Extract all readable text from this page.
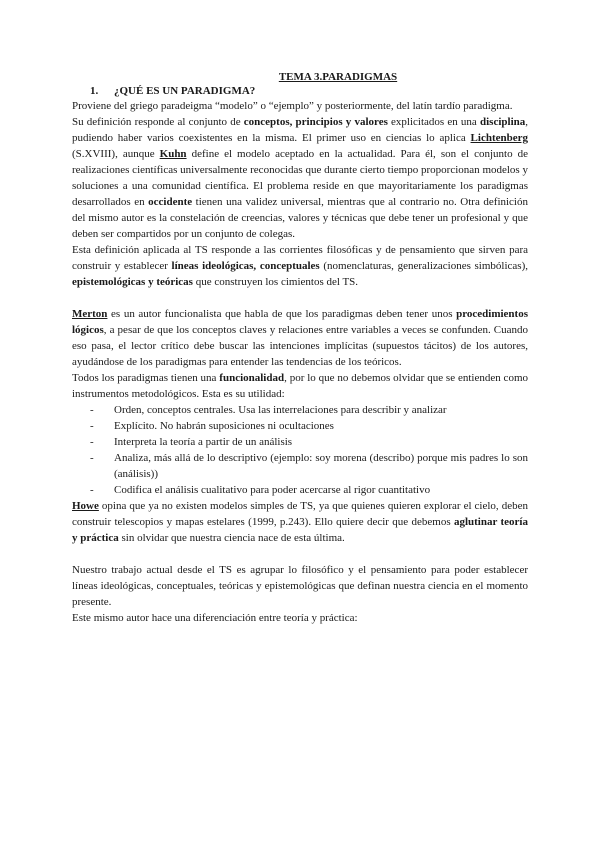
TEMA 3.PARADIGMAS

1. ¿QUÉ ES UN PARADIGMA?

Proviene del griego paradeigma “modelo” o “ejemplo” y posteriormente, del latín tardío paradigma.

Su definición responde al conjunto de conceptos, principios y valores explicitados en una disciplina, pudiendo haber varios coexistentes en la misma. El primer uso en ciencias lo aplica Lichtenberg (S.XVIII), aunque Kuhn define el modelo aceptado en la actualidad. Para él, son el conjunto de realizaciones científicas universalmente reconocidas que durante cierto tiempo proporcionan modelos y soluciones a una comunidad científica. El problema reside en que mayoritariamente los paradigmas desarrollados en occidente tienen una validez universal, mientras que al contrario no. Otra definición del mismo autor es la constelación de creencias, valores y técnicas que debe tener un profesional y que deben ser compartidos por un conjunto de colegas.

Esta definición aplicada al TS responde a las corrientes filosóficas y de pensamiento que sirven para construir y establecer líneas ideológicas, conceptuales (nomenclaturas, generalizaciones simbólicas), epistemológicas y teóricas que construyen los cimientos del TS.

Merton es un autor funcionalista que habla de que los paradigmas deben tener unos procedimientos lógicos, a pesar de que los conceptos claves y relaciones entre variables a veces se confunden. Cuando eso pasa, el lector crítico debe buscar las intenciones implícitas (supuestos tácitos) de los autores, ayudándose de los paradigmas para entender las tendencias de los teóricos.

Todos los paradigmas tienen una funcionalidad, por lo que no debemos olvidar que se entienden como instrumentos metodológicos. Esta es su utilidad:

- Orden, conceptos centrales. Usa las interrelaciones para describir y analizar
- Explícito. No habrán suposiciones ni ocultaciones
- Interpreta la teoría a partir de un análisis
- Analiza, más allá de lo descriptivo (ejemplo: soy morena (describo) porque mis padres lo son (análisis))
- Codifica el análisis cualitativo para poder acercarse al rigor cuantitativo

Howe opina que ya no existen modelos simples de TS, ya que quienes quieren explorar el cielo, deben construir telescopios y mapas estelares (1999, p.243). Ello quiere decir que debemos aglutinar teoría y práctica sin olvidar que nuestra ciencia nace de esta última.

Nuestro trabajo actual desde el TS es agrupar lo filosófico y el pensamiento para poder establecer líneas ideológicas, conceptuales, teóricas y epistemológicas que definan nuestra ciencia en el momento presente.

Este mismo autor hace una diferenciación entre teoría y práctica:
